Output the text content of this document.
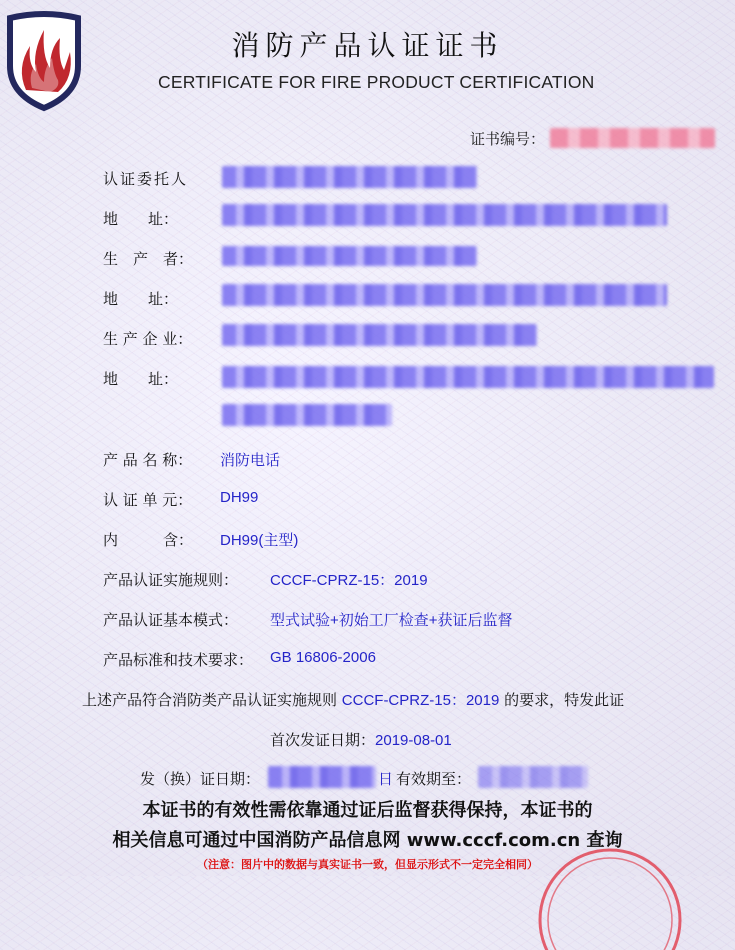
消防产品认证证书
CERTIFICATE FOR FIRE PRODUCT CERTIFICATION
证书编号：
认证委托人
地　　址：
生　产　者：
地　　址：
生 产 企 业：
地　　址：
产 品 名 称： 消防电话
认 证 单 元： DH99
内　　　含： DH99(主型)
产品认证实施规则： CCCF-CPRZ-15：2019
产品认证基本模式： 型式试验+初始工厂检查+获证后监督
产品标准和技术要求： GB 16806-2006
上述产品符合消防类产品认证实施规则 CCCF-CPRZ-15：2019 的要求，特发此证
首次发证日期：2019-08-01
发（换）证日期：	日 有效期至：
本证书的有效性需依靠通过证后监督获得保持，本证书的
相关信息可通过中国消防产品信息网 www.cccf.com.cn 查询
（注意：图片中的数据与真实证书一致，但显示形式不一定完全相同）
